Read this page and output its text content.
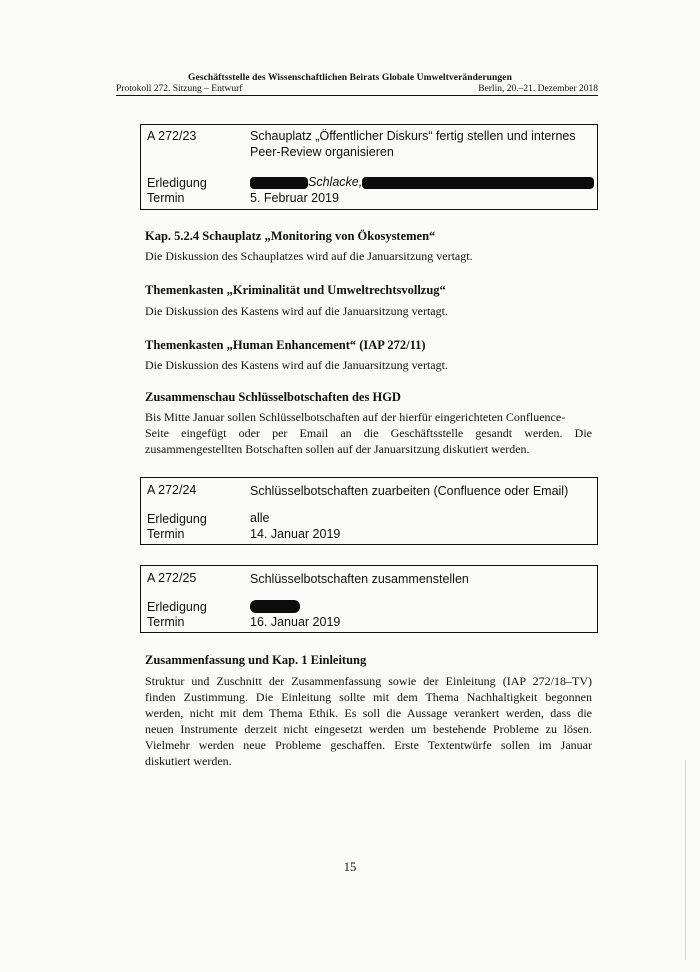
Geschäftsstelle des Wissenschaftlichen Beirats Globale Umweltveränderungen
Protokoll 272. Sitzung – Entwurf	Berlin, 20.–21. Dezember 2018
A 272/23	Schauplatz „Öffentlicher Diskurs“ fertig stellen und internes
Peer-Review organisieren
Erledigung	Schlacke,
Termin	5. Februar 2019
Kap. 5.2.4 Schauplatz „Monitoring von Ökosystemen“
Die Diskussion des Schauplatzes wird auf die Januarsitzung vertagt.
Themenkasten „Kriminalität und Umweltrechtsvollzug“
Die Diskussion des Kastens wird auf die Januarsitzung vertagt.
Themenkasten „Human Enhancement“ (IAP 272/11)
Die Diskussion des Kastens wird auf die Januarsitzung vertagt.
Zusammenschau Schlüsselbotschaften des HGD
Bis Mitte Januar sollen Schlüsselbotschaften auf der hierfür eingerichteten Confluence-
Seite eingefügt oder per Email an die Geschäftsstelle gesandt werden. Die
zusammengestellten Botschaften sollen auf der Januarsitzung diskutiert werden.
A 272/24	Schlüsselbotschaften zuarbeiten (Confluence oder Email)
Erledigung	alle
Termin	14. Januar 2019
A 272/25	Schlüsselbotschaften zusammenstellen
Erledigung
Termin	16. Januar 2019
Zusammenfassung und Kap. 1 Einleitung
Struktur und Zuschnitt der Zusammenfassung sowie der Einleitung (IAP 272/18–TV)
finden Zustimmung. Die Einleitung sollte mit dem Thema Nachhaltigkeit begonnen
werden, nicht mit dem Thema Ethik. Es soll die Aussage verankert werden, dass die
neuen Instrumente derzeit nicht eingesetzt werden um bestehende Probleme zu lösen.
Vielmehr werden neue Probleme geschaffen. Erste Textentwürfe sollen im Januar
diskutiert werden.
15
